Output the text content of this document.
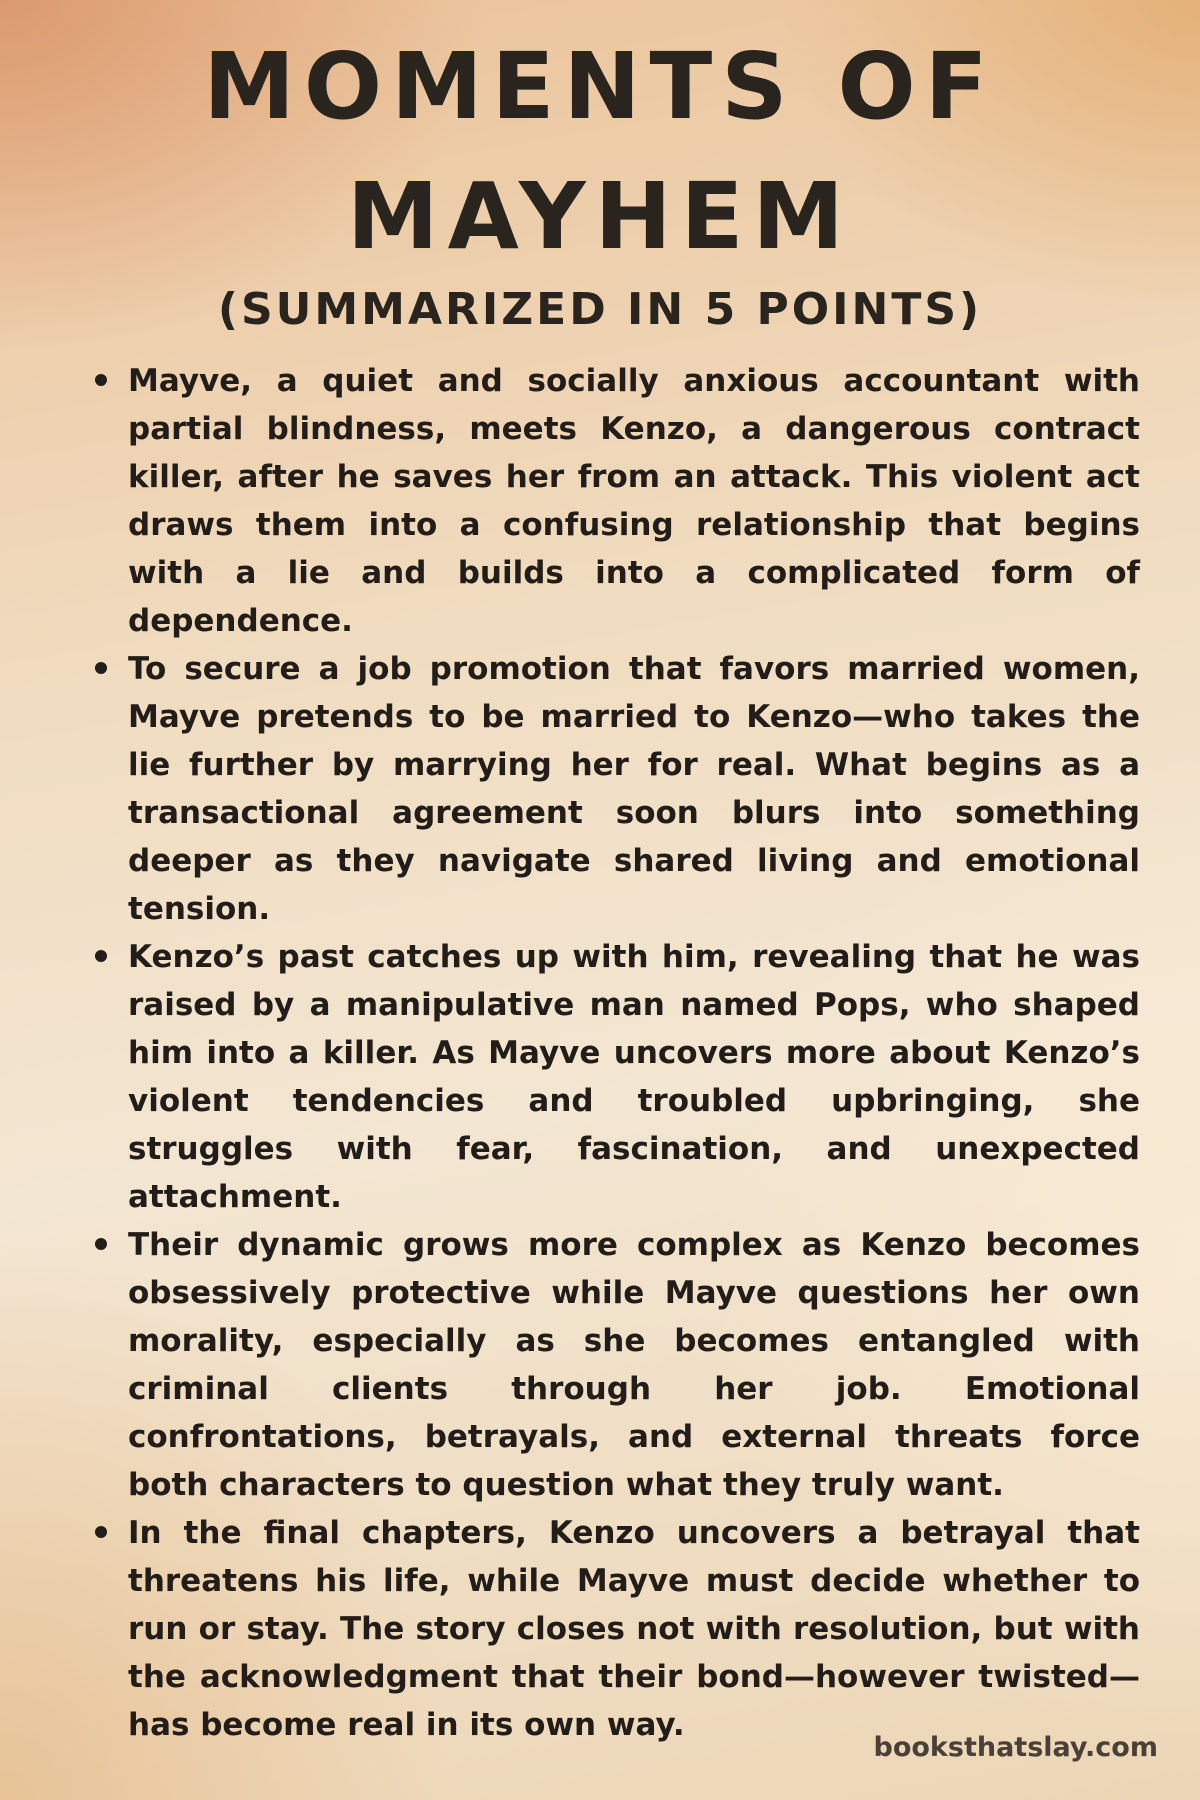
MOMENTS OF
MAYHEM
(SUMMARIZED IN 5 POINTS)
Mayve, a quiet and socially anxious accountant with partial blindness, meets Kenzo, a dangerous contract killer, after he saves her from an attack. This violent act draws them into a confusing relationship that begins with a lie and builds into a complicated form of dependence.
To secure a job promotion that favors married women, Mayve pretends to be married to Kenzo—who takes the lie further by marrying her for real. What begins as a transactional agreement soon blurs into something deeper as they navigate shared living and emotional tension.
Kenzo’s past catches up with him, revealing that he was raised by a manipulative man named Pops, who shaped him into a killer. As Mayve uncovers more about Kenzo’s violent tendencies and troubled upbringing, she struggles with fear, fascination, and unexpected attachment.
Their dynamic grows more complex as Kenzo becomes obsessively protective while Mayve questions her own morality, especially as she becomes entangled with criminal clients through her job. Emotional confrontations, betrayals, and external threats force both characters to question what they truly want.
In the final chapters, Kenzo uncovers a betrayal that threatens his life, while Mayve must decide whether to run or stay. The story closes not with resolution, but with the acknowledgment that their bond—however twisted—has become real in its own way.
booksthatslay.com
